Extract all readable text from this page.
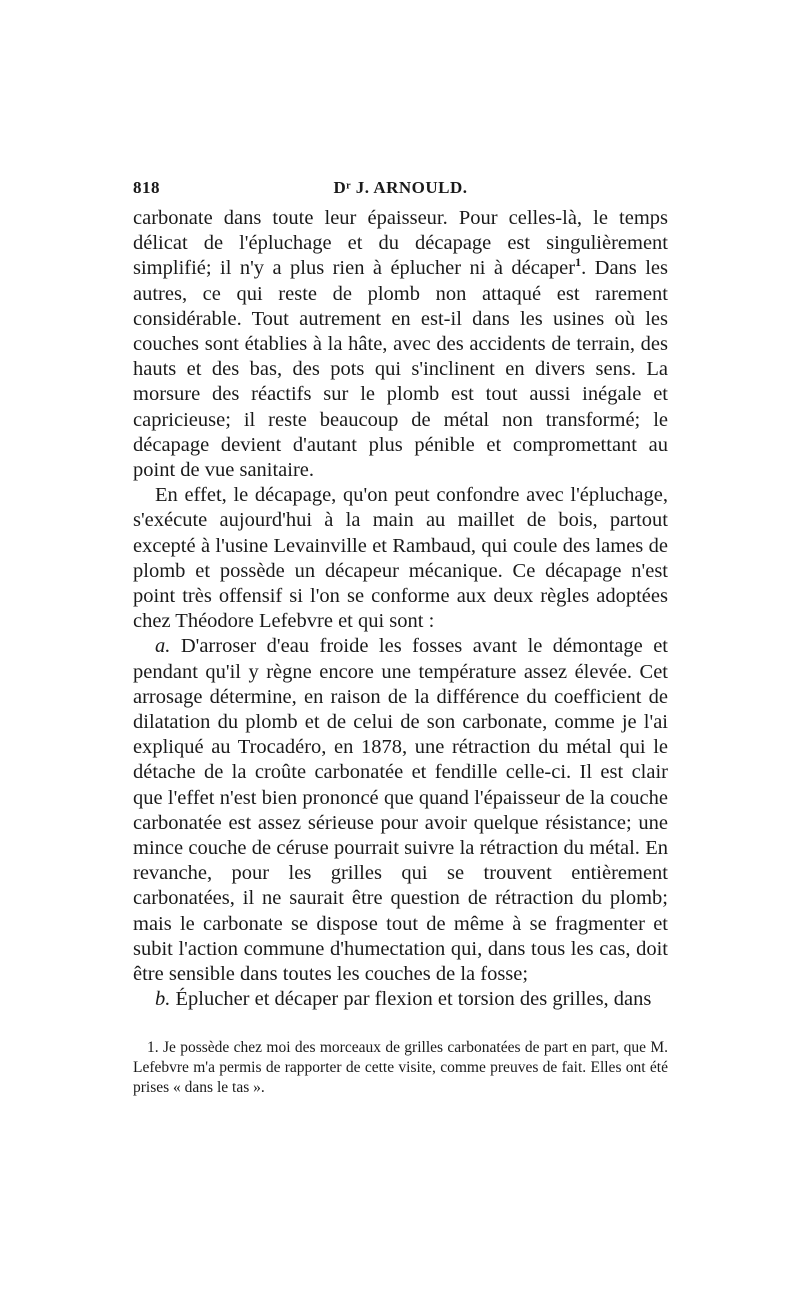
818	Dʳ J. ARNOULD.

carbonate dans toute leur épaisseur. Pour celles-là, le temps délicat de l'épluchage et du décapage est singulièrement simplifié; il n'y a plus rien à éplucher ni à décaper$^1$. Dans les autres, ce qui reste de plomb non attaqué est rarement considérable. Tout autrement en est-il dans les usines où les couches sont établies à la hâte, avec des accidents de terrain, des hauts et des bas, des pots qui s'inclinent en divers sens. La morsure des réactifs sur le plomb est tout aussi inégale et capricieuse; il reste beaucoup de métal non transformé; le décapage devient d'autant plus pénible et compromettant au point de vue sanitaire.

En effet, le décapage, qu'on peut confondre avec l'épluchage, s'exécute aujourd'hui à la main au maillet de bois, partout excepté à l'usine Levainville et Rambaud, qui coule des lames de plomb et possède un décapeur mécanique. Ce décapage n'est point très offensif si l'on se conforme aux deux règles adoptées chez Théodore Lefebvre et qui sont :

a. D'arroser d'eau froide les fosses avant le démontage et pendant qu'il y règne encore une température assez élevée. Cet arrosage détermine, en raison de la différence du coefficient de dilatation du plomb et de celui de son carbonate, comme je l'ai expliqué au Trocadéro, en 1878, une rétraction du métal qui le détache de la croûte carbonatée et fendille celle-ci. Il est clair que l'effet n'est bien prononcé que quand l'épaisseur de la couche carbonatée est assez sérieuse pour avoir quelque résistance; une mince couche de céruse pourrait suivre la rétraction du métal. En revanche, pour les grilles qui se trouvent entièrement carbonatées, il ne saurait être question de rétraction du plomb; mais le carbonate se dispose tout de même à se fragmenter et subit l'action commune d'humectation qui, dans tous les cas, doit être sensible dans toutes les couches de la fosse;

b. Éplucher et décaper par flexion et torsion des grilles, dans

1. Je possède chez moi des morceaux de grilles carbonatées de part en part, que M. Lefebvre m'a permis de rapporter de cette visite, comme preuves de fait. Elles ont été prises « dans le tas ».
